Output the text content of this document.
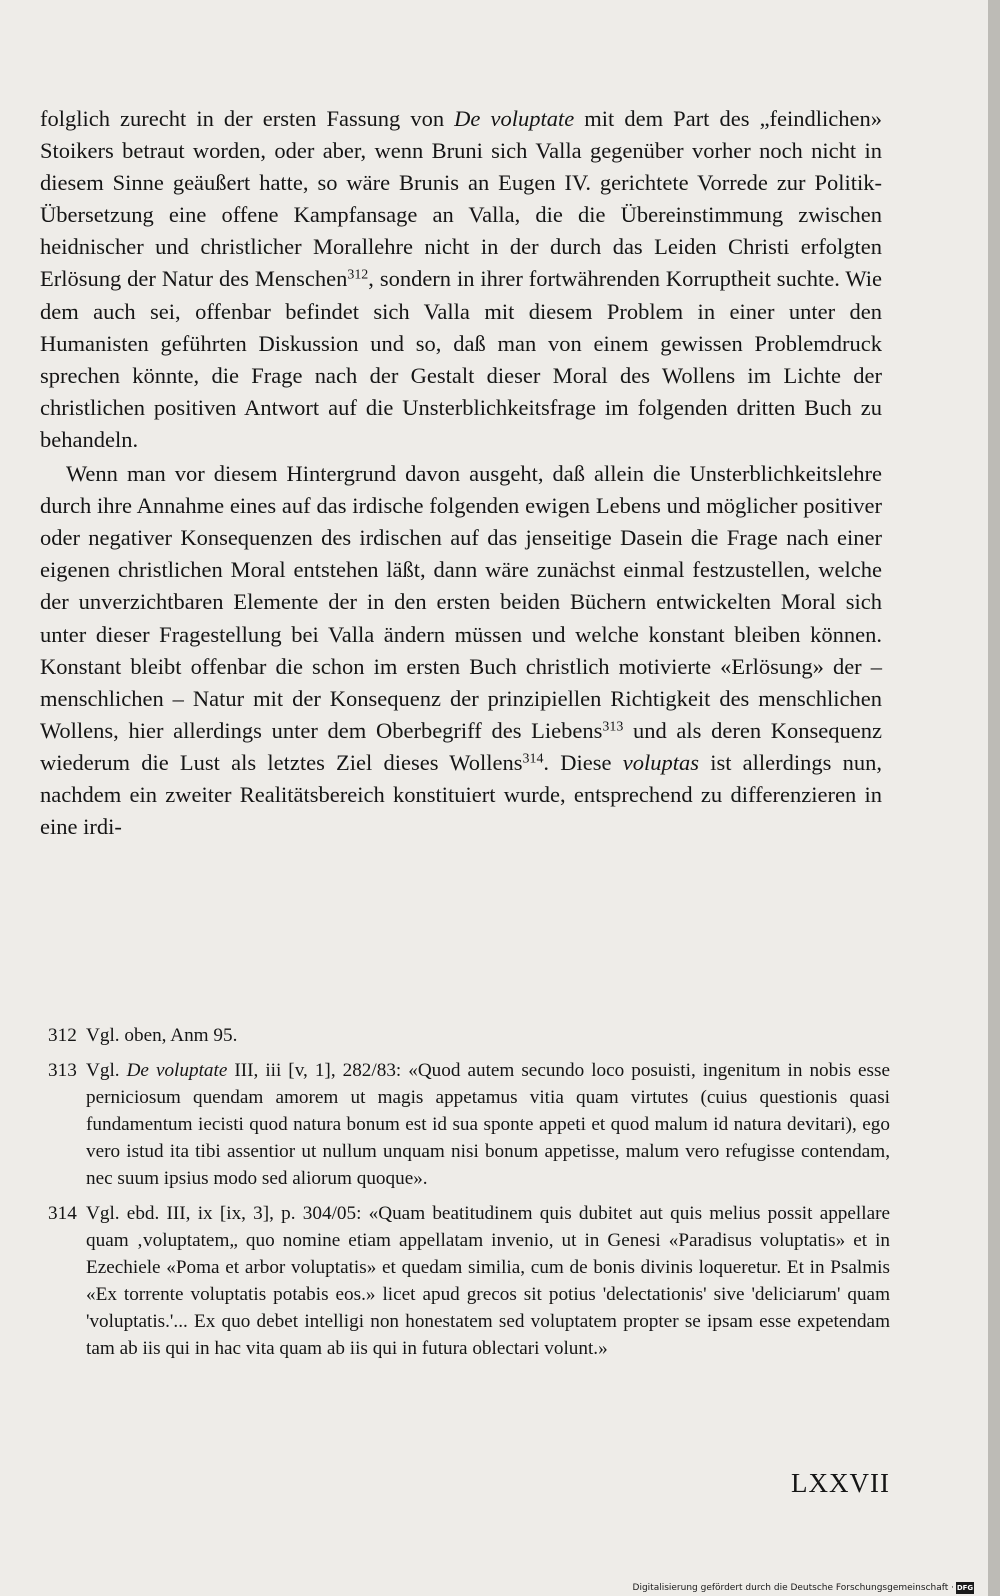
folglich zurecht in der ersten Fassung von De voluptate mit dem Part des „feindlichen» Stoikers betraut worden, oder aber, wenn Bruni sich Valla gegenüber vorher noch nicht in diesem Sinne geäußert hatte, so wäre Brunis an Eugen IV. gerichtete Vorrede zur Politik-Übersetzung eine offene Kampfansage an Valla, die die Übereinstimmung zwischen heidnischer und christlicher Morallehre nicht in der durch das Leiden Christi erfolgten Erlösung der Natur des Menschen$^{312}$, sondern in ihrer fortwährenden Korruptheit suchte. Wie dem auch sei, offenbar befindet sich Valla mit diesem Problem in einer unter den Humanisten geführten Diskussion und so, daß man von einem gewissen Problemdruck sprechen könnte, die Frage nach der Gestalt dieser Moral des Wollens im Lichte der christlichen positiven Antwort auf die Unsterblichkeitsfrage im folgenden dritten Buch zu behandeln.

Wenn man vor diesem Hintergrund davon ausgeht, daß allein die Unsterblichkeitslehre durch ihre Annahme eines auf das irdische folgenden ewigen Lebens und möglicher positiver oder negativer Konsequenzen des irdischen auf das jenseitige Dasein die Frage nach einer eigenen christlichen Moral entstehen läßt, dann wäre zunächst einmal festzustellen, welche der unverzichtbaren Elemente der in den ersten beiden Büchern entwickelten Moral sich unter dieser Fragestellung bei Valla ändern müssen und welche konstant bleiben können. Konstant bleibt offenbar die schon im ersten Buch christlich motivierte «Erlösung» der – menschlichen – Natur mit der Konsequenz der prinzipiellen Richtigkeit des menschlichen Wollens, hier allerdings unter dem Oberbegriff des Liebens$^{313}$ und als deren Konsequenz wiederum die Lust als letztes Ziel dieses Wollens$^{314}$. Diese voluptas ist allerdings nun, nachdem ein zweiter Realitätsbereich konstituiert wurde, entsprechend zu differenzieren in eine irdi-

312 Vgl. oben, Anm 95.

313 Vgl. De voluptate III, iii [v, 1], 282/83: «Quod autem secundo loco posuisti, ingenitum in nobis esse perniciosum quendam amorem ut magis appetamus vitia quam virtutes (cuius questionis quasi fundamentum iecisti quod natura bonum est id sua sponte appeti et quod malum id natura devitari), ego vero istud ita tibi assentior ut nullum unquam nisi bonum appetisse, malum vero refugisse contendam, nec suum ipsius modo sed aliorum quoque».

314 Vgl. ebd. III, ix [ix, 3], p. 304/05: «Quam beatitudinem quis dubitet aut quis melius possit appellare quam ‚voluptatem„ quo nomine etiam appellatam invenio, ut in Genesi «Paradisus voluptatis» et in Ezechiele «Poma et arbor voluptatis» et quedam similia, cum de bonis divinis loqueretur. Et in Psalmis «Ex torrente voluptatis potabis eos.» licet apud grecos sit potius 'delectationis' sive 'deliciarum' quam 'voluptatis.'... Ex quo debet intelligi non honestatem sed voluptatem propter se ipsam esse expetendam tam ab iis qui in hac vita quam ab iis qui in futura oblectari volunt.»

LXXVII
Digitalisierung gefördert durch die Deutsche Forschungsgemeinschaft · DFG
